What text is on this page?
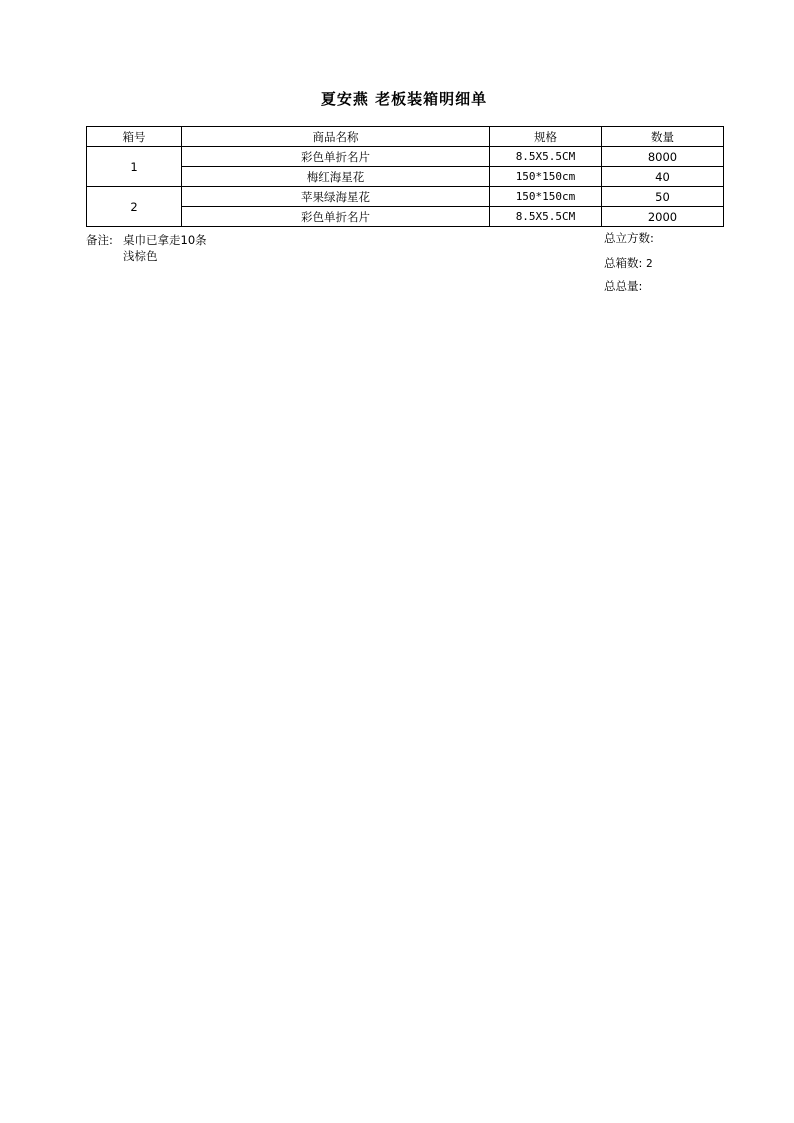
夏安燕 老板装箱明细单
箱号	商品名称	规格	数量
1	彩色单折名片	8.5X5.5CM	8000
	梅红海星花	150*150cm	40
2	苹果绿海星花	150*150cm	50
	彩色单折名片	8.5X5.5CM	2000
备注: 桌巾已拿走10条
浅棕色
总立方数:
总箱数: 2
总总量:
